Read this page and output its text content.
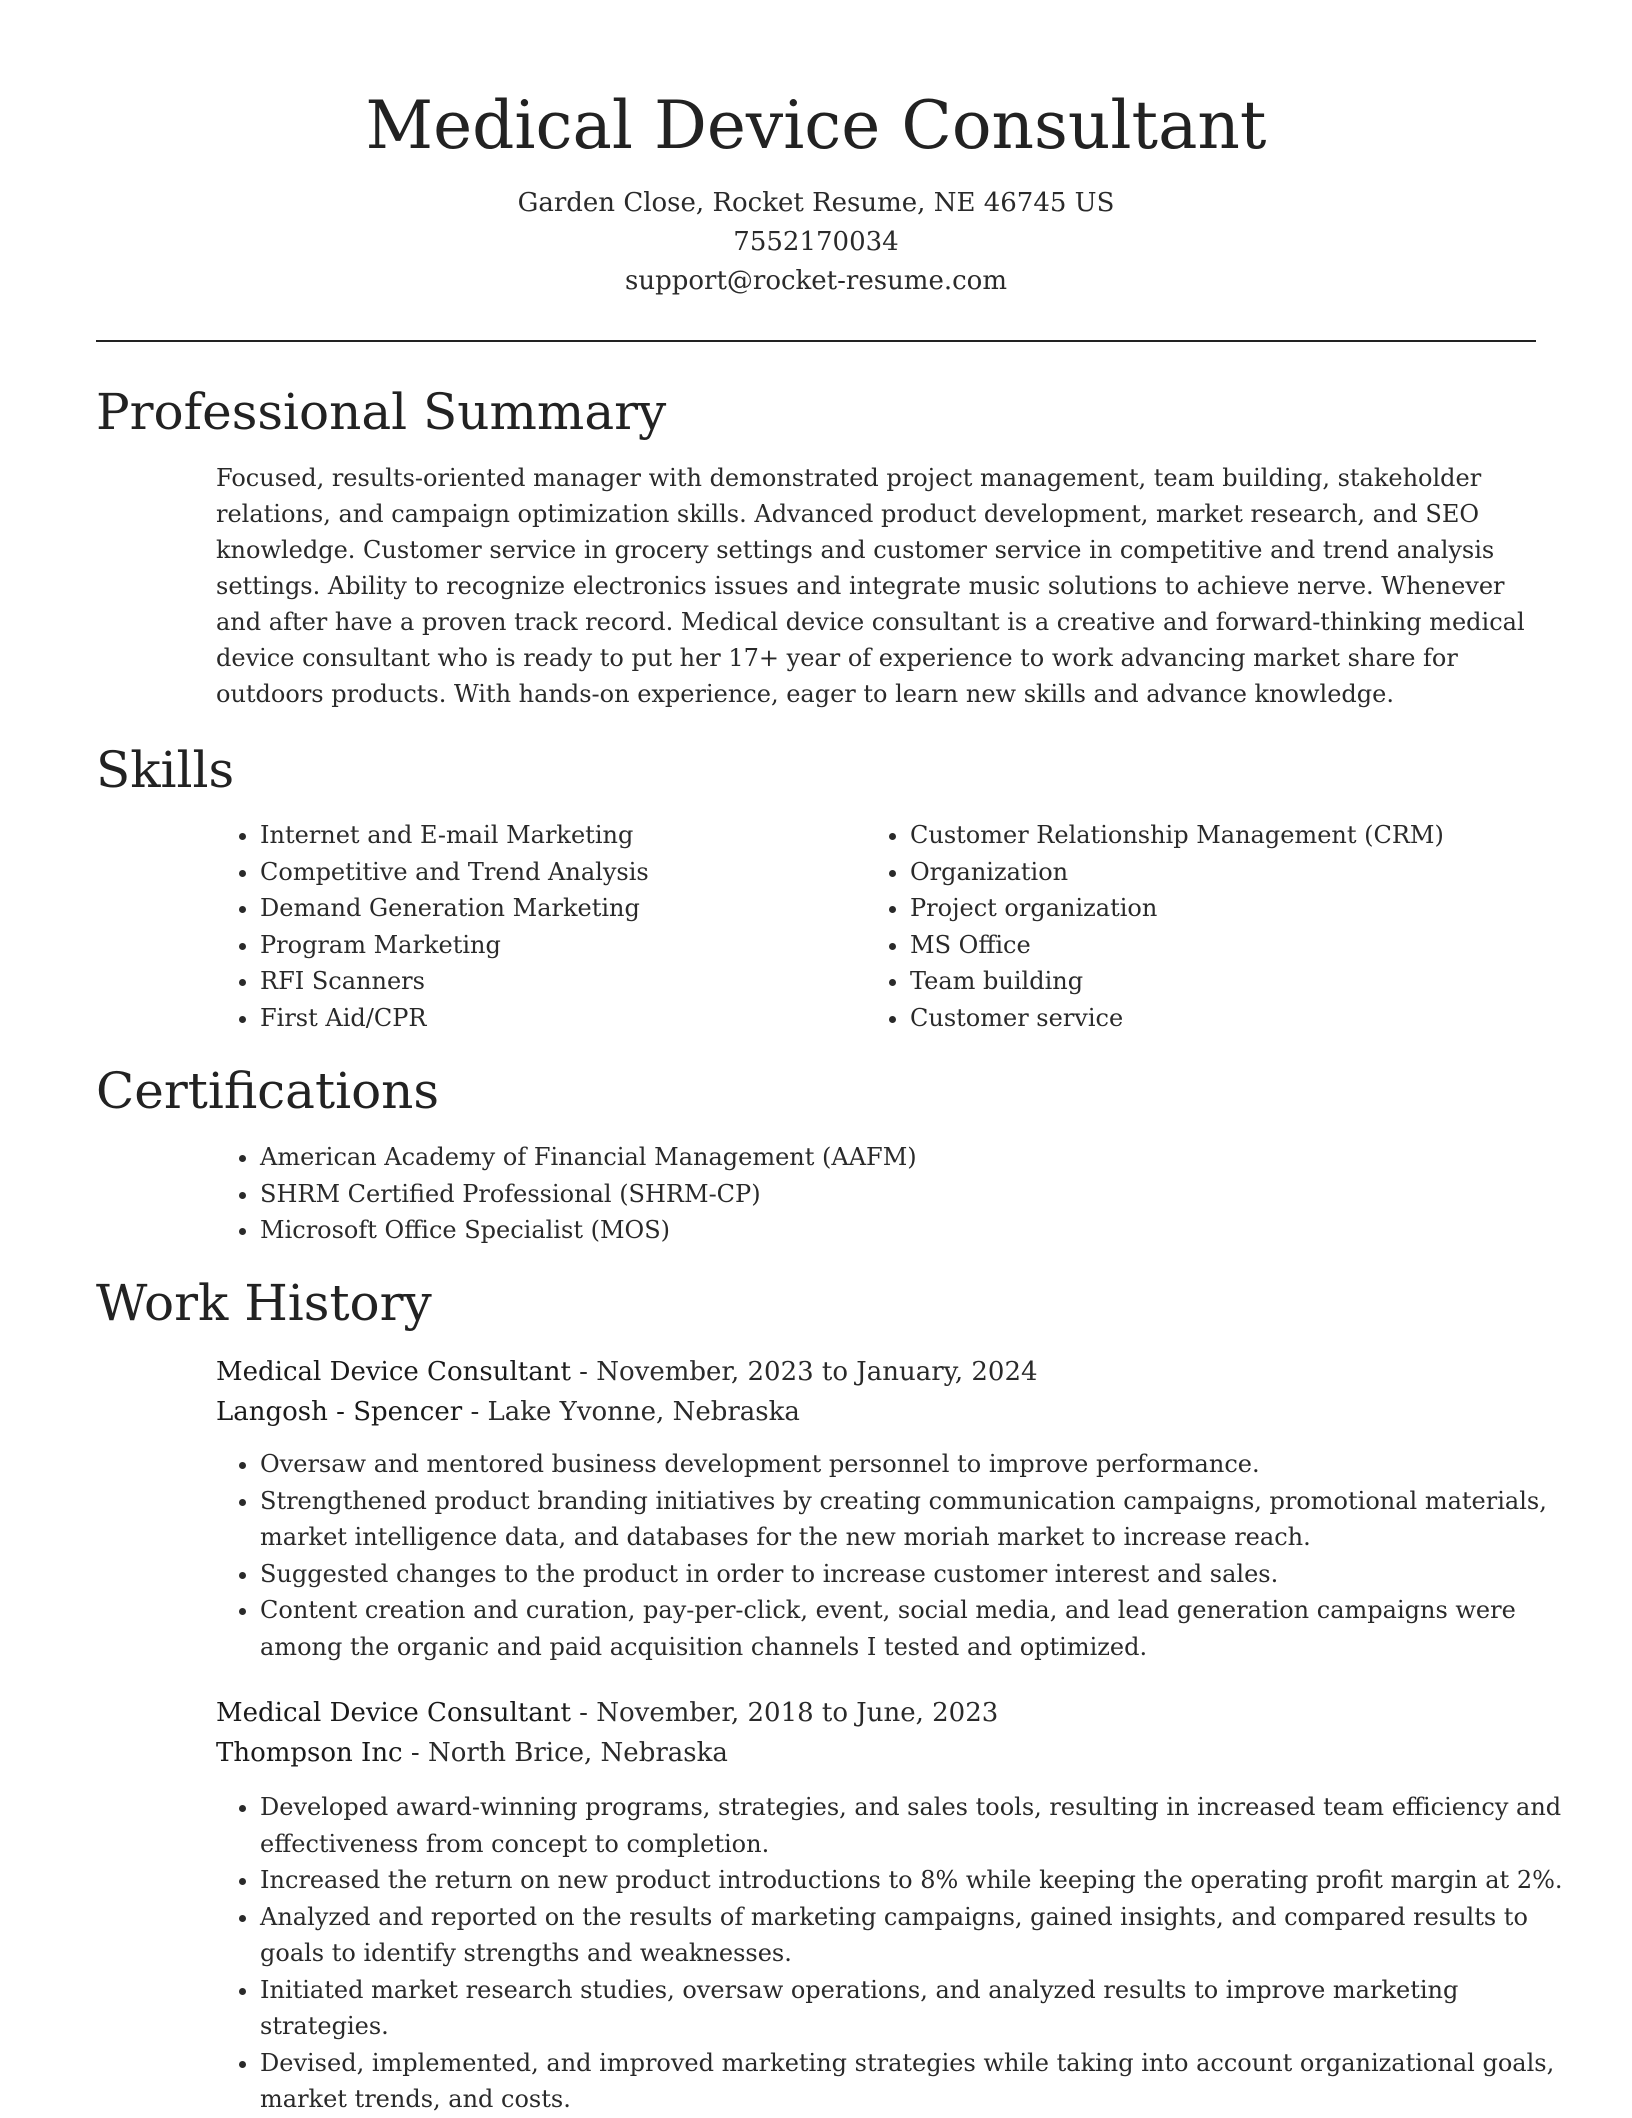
Medical Device Consultant
Garden Close, Rocket Resume, NE 46745 US
7552170034
support@rocket-resume.com
Professional Summary

Focused, results-oriented manager with demonstrated project management, team building, stakeholder relations, and campaign optimization skills. Advanced product development, market research, and SEO knowledge. Customer service in grocery settings and customer service in competitive and trend analysis settings. Ability to recognize electronics issues and integrate music solutions to achieve nerve. Whenever and after have a proven track record. Medical device consultant is a creative and forward-thinking medical device consultant who is ready to put her 17+ year of experience to work advancing market share for outdoors products. With hands-on experience, eager to learn new skills and advance knowledge.

Skills
• Internet and E-mail Marketing
• Competitive and Trend Analysis
• Demand Generation Marketing
• Program Marketing
• RFI Scanners
• First Aid/CPR
• Customer Relationship Management (CRM)
• Organization
• Project organization
• MS Office
• Team building
• Customer service
Certifications
• American Academy of Financial Management (AAFM)
• SHRM Certified Professional (SHRM-CP)
• Microsoft Office Specialist (MOS)
Work History
Medical Device Consultant - November, 2023 to January, 2024
Langosh - Spencer - Lake Yvonne, Nebraska
• Oversaw and mentored business development personnel to improve performance.
• Strengthened product branding initiatives by creating communication campaigns, promotional materials, market intelligence data, and databases for the new moriah market to increase reach.
• Suggested changes to the product in order to increase customer interest and sales.
• Content creation and curation, pay-per-click, event, social media, and lead generation campaigns were among the organic and paid acquisition channels I tested and optimized.
Medical Device Consultant - November, 2018 to June, 2023
Thompson Inc - North Brice, Nebraska
• Developed award-winning programs, strategies, and sales tools, resulting in increased team efficiency and effectiveness from concept to completion.
• Increased the return on new product introductions to 8% while keeping the operating profit margin at 2%.
• Analyzed and reported on the results of marketing campaigns, gained insights, and compared results to goals to identify strengths and weaknesses.
• Initiated market research studies, oversaw operations, and analyzed results to improve marketing strategies.
• Devised, implemented, and improved marketing strategies while taking into account organizational goals, market trends, and costs.
